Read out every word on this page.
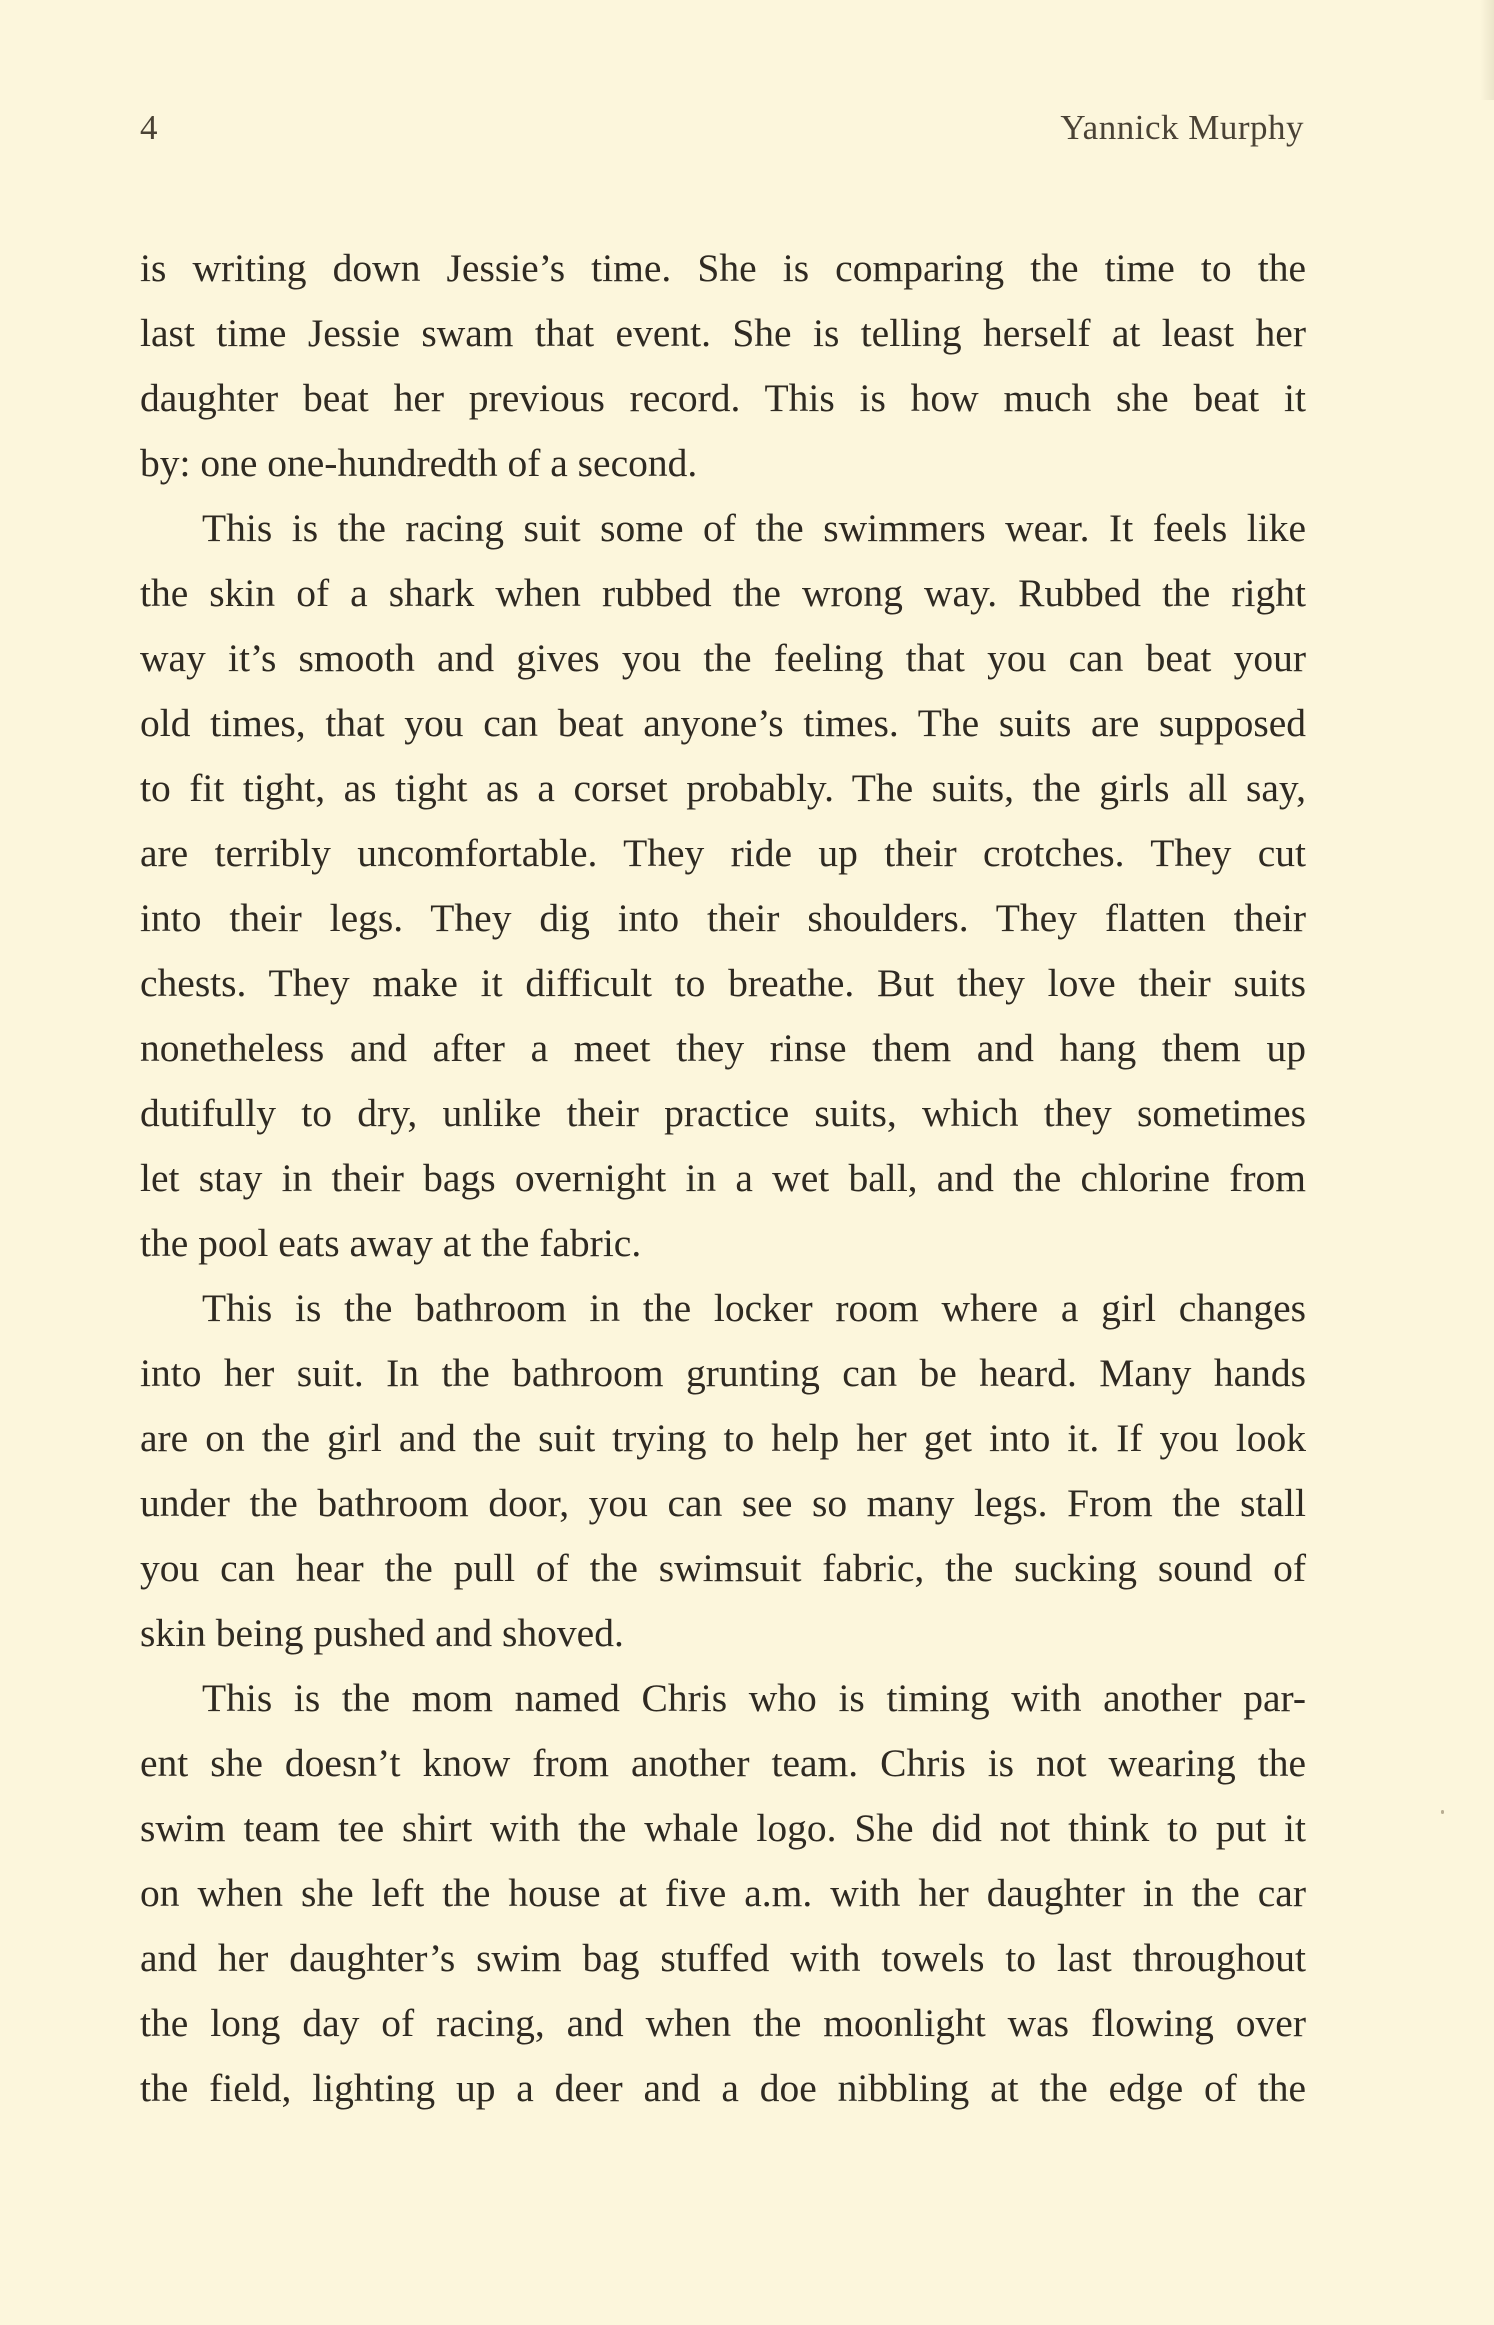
4	Yannick Murphy
is writing down Jessie’s time. She is comparing the time to the
last time Jessie swam that event. She is telling herself at least her
daughter beat her previous record. This is how much she beat it
by: one one-hundredth of a second.
This is the racing suit some of the swimmers wear. It feels like
the skin of a shark when rubbed the wrong way. Rubbed the right
way it’s smooth and gives you the feeling that you can beat your
old times, that you can beat anyone’s times. The suits are supposed
to fit tight, as tight as a corset probably. The suits, the girls all say,
are terribly uncomfortable. They ride up their crotches. They cut
into their legs. They dig into their shoulders. They flatten their
chests. They make it difficult to breathe. But they love their suits
nonetheless and after a meet they rinse them and hang them up
dutifully to dry, unlike their practice suits, which they sometimes
let stay in their bags overnight in a wet ball, and the chlorine from
the pool eats away at the fabric.
This is the bathroom in the locker room where a girl changes
into her suit. In the bathroom grunting can be heard. Many hands
are on the girl and the suit trying to help her get into it. If you look
under the bathroom door, you can see so many legs. From the stall
you can hear the pull of the swimsuit fabric, the sucking sound of
skin being pushed and shoved.
This is the mom named Chris who is timing with another par-
ent she doesn’t know from another team. Chris is not wearing the
swim team tee shirt with the whale logo. She did not think to put it
on when she left the house at five a.m. with her daughter in the car
and her daughter’s swim bag stuffed with towels to last throughout
the long day of racing, and when the moonlight was flowing over
the field, lighting up a deer and a doe nibbling at the edge of the
